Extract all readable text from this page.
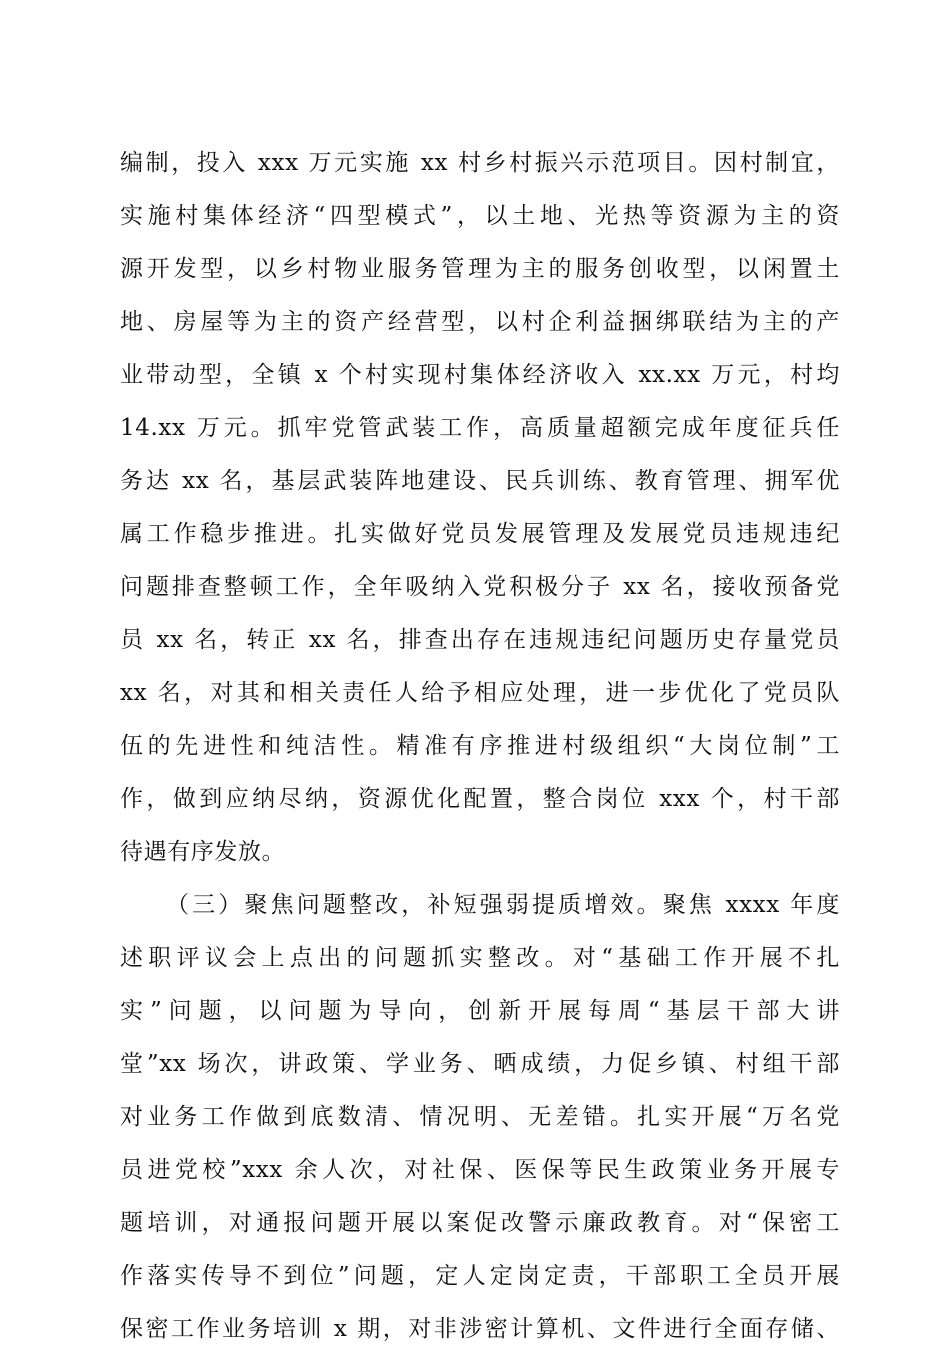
编制，投入 xxx 万元实施 xx 村乡村振兴示范项目。因村制宜，
实施村集体经济“四型模式”，以土地、光热等资源为主的资
源开发型，以乡村物业服务管理为主的服务创收型，以闲置土
地、房屋等为主的资产经营型，以村企利益捆绑联结为主的产
业带动型，全镇 x 个村实现村集体经济收入 xx.xx 万元，村均
14.xx 万元。抓牢党管武装工作，高质量超额完成年度征兵任
务达 xx 名，基层武装阵地建设、民兵训练、教育管理、拥军优
属工作稳步推进。扎实做好党员发展管理及发展党员违规违纪
问题排查整顿工作，全年吸纳入党积极分子 xx 名，接收预备党
员 xx 名，转正 xx 名，排查出存在违规违纪问题历史存量党员
xx 名，对其和相关责任人给予相应处理，进一步优化了党员队
伍的先进性和纯洁性。精准有序推进村级组织“大岗位制”工
作，做到应纳尽纳，资源优化配置，整合岗位 xxx 个，村干部
待遇有序发放。
（三）聚焦问题整改，补短强弱提质增效。聚焦 xxxx 年度
述职评议会上点出的问题抓实整改。对“基础工作开展不扎
实”问题，以问题为导向，创新开展每周“基层干部大讲
堂”xx 场次，讲政策、学业务、晒成绩，力促乡镇、村组干部
对业务工作做到底数清、情况明、无差错。扎实开展“万名党
员进党校”xxx 余人次，对社保、医保等民生政策业务开展专
题培训，对通报问题开展以案促改警示廉政教育。对“保密工
作落实传导不到位”问题，定人定岗定责，干部职工全员开展
保密工作业务培训 x 期，对非涉密计算机、文件进行全面存储、
